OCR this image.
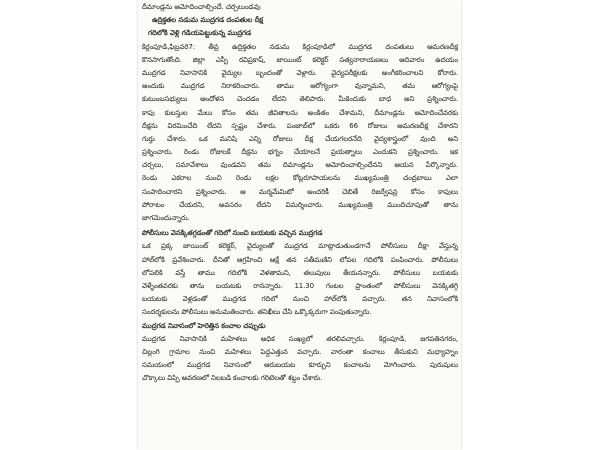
దీమాండ్లను ఆమోదించాల్సిందే. చర్చలుండవు
ఉద్రిక్తతల నడుమ ముద్రగడ దంపతుల దీక్ష
గదిలోకి వెళ్లి గడియపెట్టుకున్న ముద్రగడ
కిర్లంపూడి,ఫిబ్రవరి7: తీవ్ర ఉద్రిక్తతల నడుమ కిర్లంపూడిలో ముద్రగడ దంపతులు ఆమరణదీక్ష
కొనసాగుతోంది. జిల్లా ఎస్పీ రవిప్రకాష్, జాయింట్ కలెక్టర్ సత్యనారాయణలు ఆదివారం ఉదయం
ముద్రగడ నివాసానికి వైద్యుల బృందంతో వెళ్లారు. వైద్యపరీక్షలకు అంగీకరించాలని కోరారు.
అందుకు ముద్రగడ నిరాకరించారు. తాము ఆరోగ్యంగా వున్నామని, తమ ఆరోగ్యంపై
కుటుంబసభ్యులు ఆందోళన చెందడం లేదని తెలిపారు. మీకెందుకు బాధ అని ప్రశ్నించారు.
కాపు కులస్తుల మేలు కోసం తమ జీవితాలను అంకితం చేశామని, దీమాండ్లను ఆమోదించేవరకు
దీక్షను విరమించేది లేదని స్పష్టం చేశారు. పంజాబ్‌లో ఒకరు 66 రోజులు ఆమరణదీక్ష చేశారని
గుర్తు చేశారు. ఒక మనిషి ఎన్ని రోజులు దీక్ష చేయగలరనేది వైద్యశాస్త్రంలో వుంది అని
ప్రశ్నించారు. రెండు రోజులకే దీక్షను భగ్నం చేయాలనే ప్రయత్నాలు ఎందుకని ప్రశ్నించారు. ఇక
చర్చలు, సమావేశాలు వుండవని తమ దిమాండ్లను ఆమోదించాల్సిందేనని ఆయన పేర్కొన్నారు.
రెండు ఎకరాల నుంచి రెండు లక్షల కోట్లరూపాయలను ముఖ్యమంత్రి చంద్రబాబు ఎలా
సంపాదించారని ప్రశ్నించారు. ఆ మర్మమేమిటో అందరికీ చెబితే రిజర్వేషన్ల కోసం కాపులు
పోరాటం చేయరని, అవసరం లేదని విమర్శించారు. ముఖ్యమంత్రి ముందిచూపుతో తాను
జాగమెందున్నారు.
పోలీసులు వెనక్కితగ్గడంతో గదిలో నుంచి బయటకు వచ్చిన ముద్రగడ
ఒక ప్రక్క జాయింట్ కలెక్టర్, వైద్యులతో ముద్రగడ మాట్లాడుతుండగానే పోలీసులు దీక్షా వేస్తున్న
హాల్‌లోకి ప్రవేశించారు. దీనితో ఆగ్రహించి ఆక్షే తన సతీమణిని లోపల గదిలోకి పంపించారు. పోలీసులు
లోపలికి వస్తే తాము గదిలోకి వెళతామని, తలుపులు తీయనన్నారు. పోలీసులు బయటకు
వెళ్ళేంతవరకు తాను బయటకు రానన్నారు. 11.30 గంటల ప్రాంతంలో పోలీసులు వెనక్కితగ్గి
బయటకు వెళ్లడంతో ముద్రగడ గదిలో నుంచి హాల్‌లోకి వచ్చారు. తన నివాసంలోకి
సందర్శకులను పోలీసులు అనుమతించారు. తనిఖీలు చేసి ఒక్కొక్కరుగా పంపుతున్నారు.
ముద్రగడ నివాసంలో హెరెత్తిన కంచాల చప్పుడు
ముద్రగడ నివాసానికి మహిళలు అధిక సంఖ్యలో తరలివచ్చారు. కిర్లంపూడి, జగపతినగరం,
చిల్లంగి గ్రామాల నుంచి మహిళలు పెద్దఎత్తున వచ్చారు. వారంతా కంచాలు తీసుకుని మధ్యాహ్నం
సమయంలో ముద్రగడ నివాసంలో ఆరుబయట కూర్చుని కంచాలను మోగించారు. పురుషులు
చొక్కాలు విప్పి అవరణలో నిలబడి కంచాలకు గరిటెలతో శబ్దం చేశారు.
